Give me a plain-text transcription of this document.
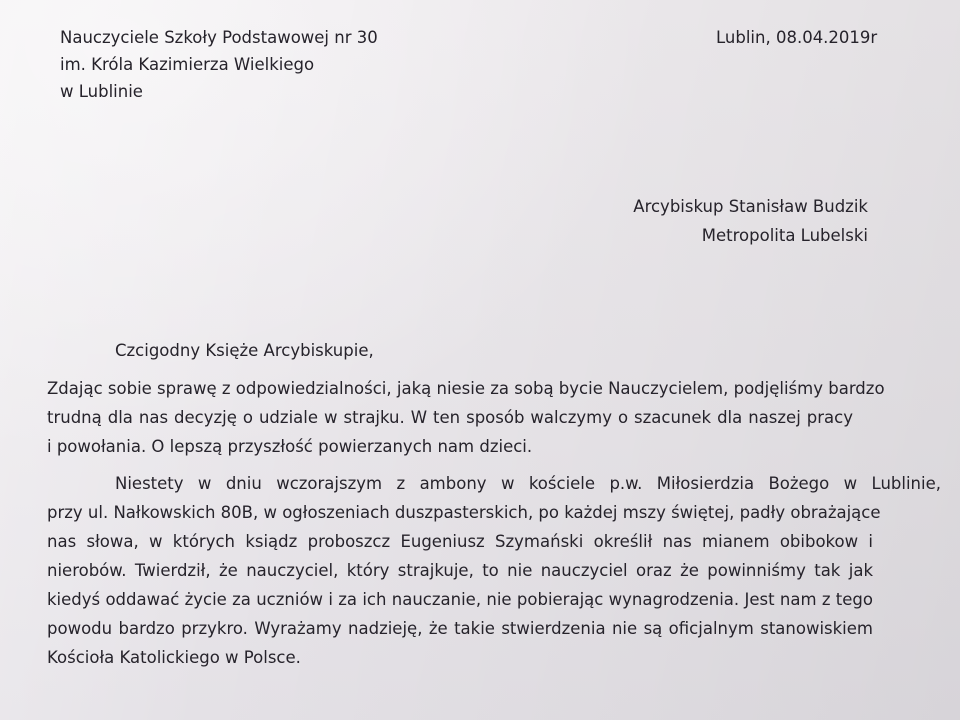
Nauczyciele Szkoły Podstawowej nr 30
im. Króla Kazimierza Wielkiego
w Lublinie
Lublin, 08.04.2019r
Arcybiskup Stanisław Budzik
Metropolita Lubelski
Czcigodny Księże Arcybiskupie,
Zdając sobie sprawę z odpowiedzialności, jaką niesie za sobą bycie Nauczycielem, podjęliśmy bardzo
trudną dla nas decyzję o udziale w strajku. W ten sposób walczymy o szacunek dla naszej pracy
i powołania. O lepszą przyszłość powierzanych nam dzieci.
Niestety w dniu wczorajszym z ambony w kościele p.w. Miłosierdzia Bożego w Lublinie,
przy ul. Nałkowskich 80B, w ogłoszeniach duszpasterskich, po każdej mszy świętej, padły obrażające
nas słowa, w których ksiądz proboszcz Eugeniusz Szymański określił nas mianem obibokow i
nierobów. Twierdził, że nauczyciel, który strajkuje, to nie nauczyciel oraz że powinniśmy tak jak
kiedyś oddawać życie za uczniów i za ich nauczanie, nie pobierając wynagrodzenia. Jest nam z tego
powodu bardzo przykro. Wyrażamy nadzieję, że takie stwierdzenia nie są oficjalnym stanowiskiem
Kościoła Katolickiego w Polsce.
